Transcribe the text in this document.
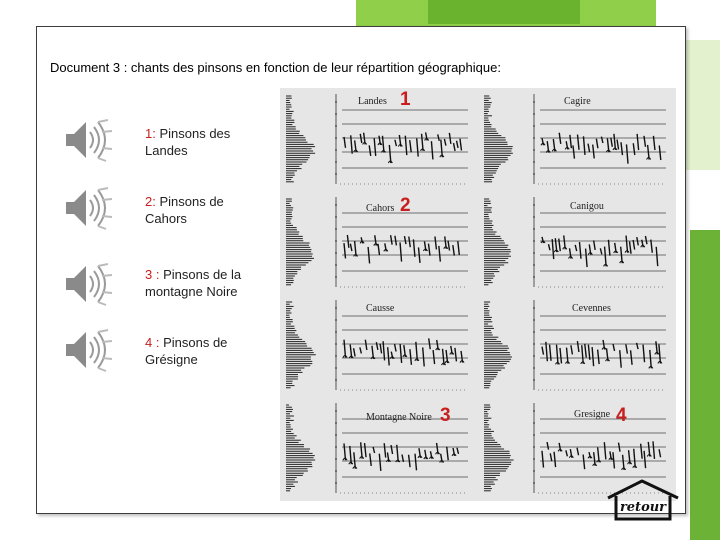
Document 3 : chants des pinsons en fonction de leur répartition géographique:
1: Pinsons des Landes
2: Pinsons de Cahors
3 : Pinsons de la montagne Noire
4 : Pinsons de Grésigne
Landes 1	Cagire
Cahors 2	Canigou
Causse	Cevennes
Montagne Noire 3	Gresigne 4
retour
